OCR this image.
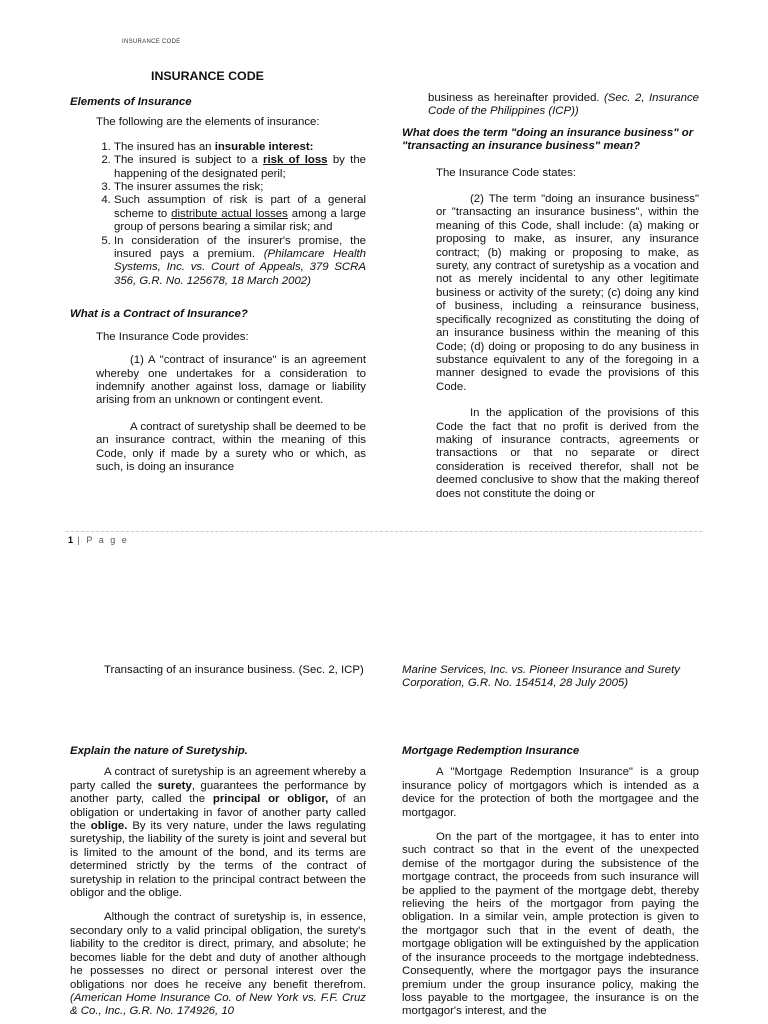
INSURANCE CODE
INSURANCE CODE
Elements of Insurance
The following are the elements of insurance:
1. The insured has an insurable interest:
2. The insured is subject to a risk of loss by the happening of the designated peril;
3. The insurer assumes the risk;
4. Such assumption of risk is part of a general scheme to distribute actual losses among a large group of persons bearing a similar risk; and
5. In consideration of the insurer's promise, the insured pays a premium. (Philamcare Health Systems, Inc. vs. Court of Appeals, 379 SCRA 356, G.R. No. 125678, 18 March 2002)
What is a Contract of Insurance?
The Insurance Code provides:

(1) A "contract of insurance" is an agreement whereby one undertakes for a consideration to indemnify another against loss, damage or liability arising from an unknown or contingent event.

A contract of suretyship shall be deemed to be an insurance contract, within the meaning of this Code, only if made by a surety who or which, as such, is doing an insurance

business as hereinafter provided. (Sec. 2, Insurance Code of the Philippines (ICP))

What does the term "doing an insurance business" or "transacting an insurance business" mean?
The Insurance Code states:

(2) The term "doing an insurance business" or "transacting an insurance business", within the meaning of this Code, shall include: (a) making or proposing to make, as insurer, any insurance contract; (b) making or proposing to make, as surety, any contract of suretyship as a vocation and not as merely incidental to any other legitimate business or activity of the surety; (c) doing any kind of business, including a reinsurance business, specifically recognized as constituting the doing of an insurance business within the meaning of this Code; (d) doing or proposing to do any business in substance equivalent to any of the foregoing in a manner designed to evade the provisions of this Code.

In the application of the provisions of this Code the fact that no profit is derived from the making of insurance contracts, agreements or transactions or that no separate or direct consideration is received therefor, shall not be deemed conclusive to show that the making thereof does not constitute the doing or

1 | P a g e
Transacting of an insurance business. (Sec. 2, ICP)	Marine Services, Inc. vs. Pioneer Insurance and Surety Corporation, G.R. No. 154514, 28 July 2005)
Explain the nature of Suretyship.

A contract of suretyship is an agreement whereby a party called the surety, guarantees the performance by another party, called the principal or obligor, of an obligation or undertaking in favor of another party called the oblige. By its very nature, under the laws regulating suretyship, the liability of the surety is joint and several but is limited to the amount of the bond, and its terms are determined strictly by the terms of the contract of suretyship in relation to the principal contract between the obligor and the oblige.

Although the contract of suretyship is, in essence, secondary only to a valid principal obligation, the surety's liability to the creditor is direct, primary, and absolute; he becomes liable for the debt and duty of another although he possesses no direct or personal interest over the obligations nor does he receive any benefit therefrom. (American Home Insurance Co. of New York vs. F.F. Cruz & Co., Inc., G.R. No. 174926, 10

Mortgage Redemption Insurance

A "Mortgage Redemption Insurance" is a group insurance policy of mortgagors which is intended as a device for the protection of both the mortgagee and the mortgagor.

On the part of the mortgagee, it has to enter into such contract so that in the event of the unexpected demise of the mortgagor during the subsistence of the mortgage contract, the proceeds from such insurance will be applied to the payment of the mortgage debt, thereby relieving the heirs of the mortgagor from paying the obligation. In a similar vein, ample protection is given to the mortgagor such that in the event of death, the mortgage obligation will be extinguished by the application of the insurance proceeds to the mortgage indebtedness. Consequently, where the mortgagor pays the insurance premium under the group insurance policy, making the loss payable to the mortgagee, the insurance is on the mortgagor's interest, and the
